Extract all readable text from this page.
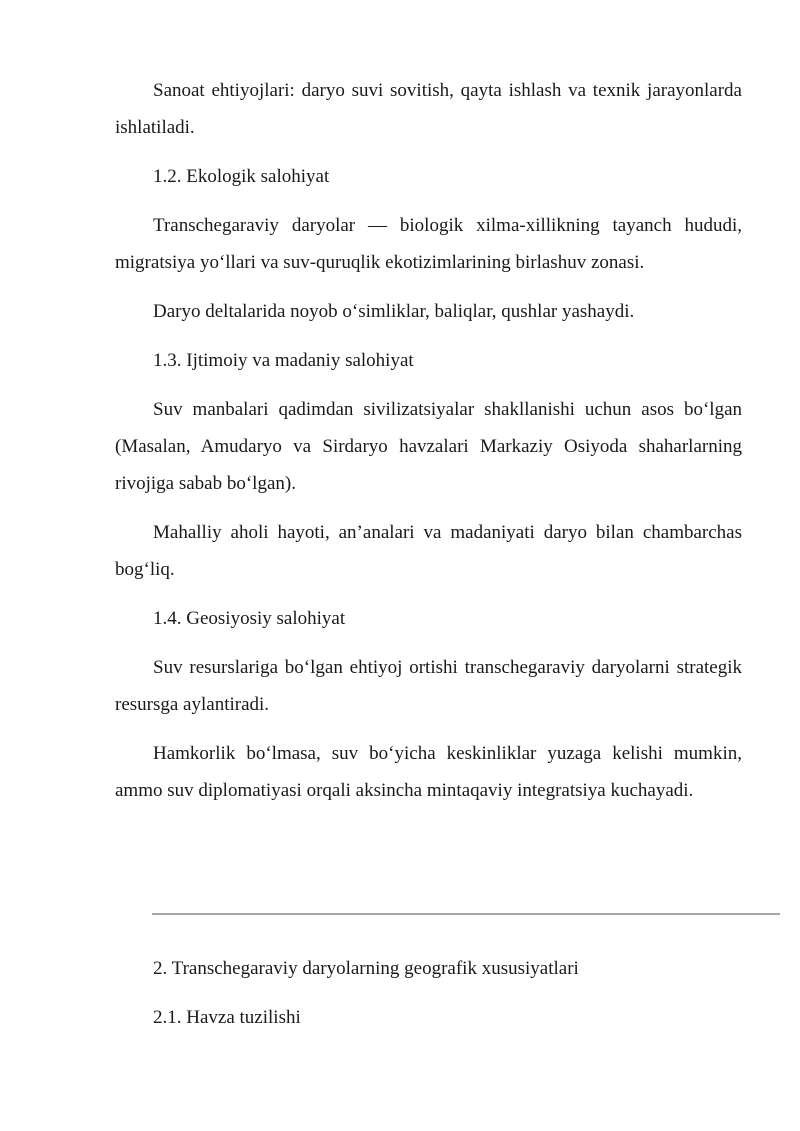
Sanoat ehtiyojlari: daryo suvi sovitish, qayta ishlash va texnik jarayonlarda ishlatiladi.

1.2. Ekologik salohiyat

Transchegaraviy daryolar — biologik xilma-xillikning tayanch hududi, migratsiya yo‘llari va suv-quruqlik ekotizimlarining birlashuv zonasi.

Daryo deltalarida noyob o‘simliklar, baliqlar, qushlar yashaydi.

1.3. Ijtimoiy va madaniy salohiyat

Suv manbalari qadimdan sivilizatsiyalar shakllanishi uchun asos bo‘lgan (Masalan, Amudaryo va Sirdaryo havzalari Markaziy Osiyoda shaharlarning rivojiga sabab bo‘lgan).

Mahalliy aholi hayoti, an’analari va madaniyati daryo bilan chambarchas bog‘liq.

1.4. Geosiyosiy salohiyat

Suv resurslariga bo‘lgan ehtiyoj ortishi transchegaraviy daryolarni strategik resursga aylantiradi.

Hamkorlik bo‘lmasa, suv bo‘yicha keskinliklar yuzaga kelishi mumkin, ammo suv diplomatiyasi orqali aksincha mintaqaviy integratsiya kuchayadi.

2. Transchegaraviy daryolarning geografik xususiyatlari

2.1. Havza tuzilishi
